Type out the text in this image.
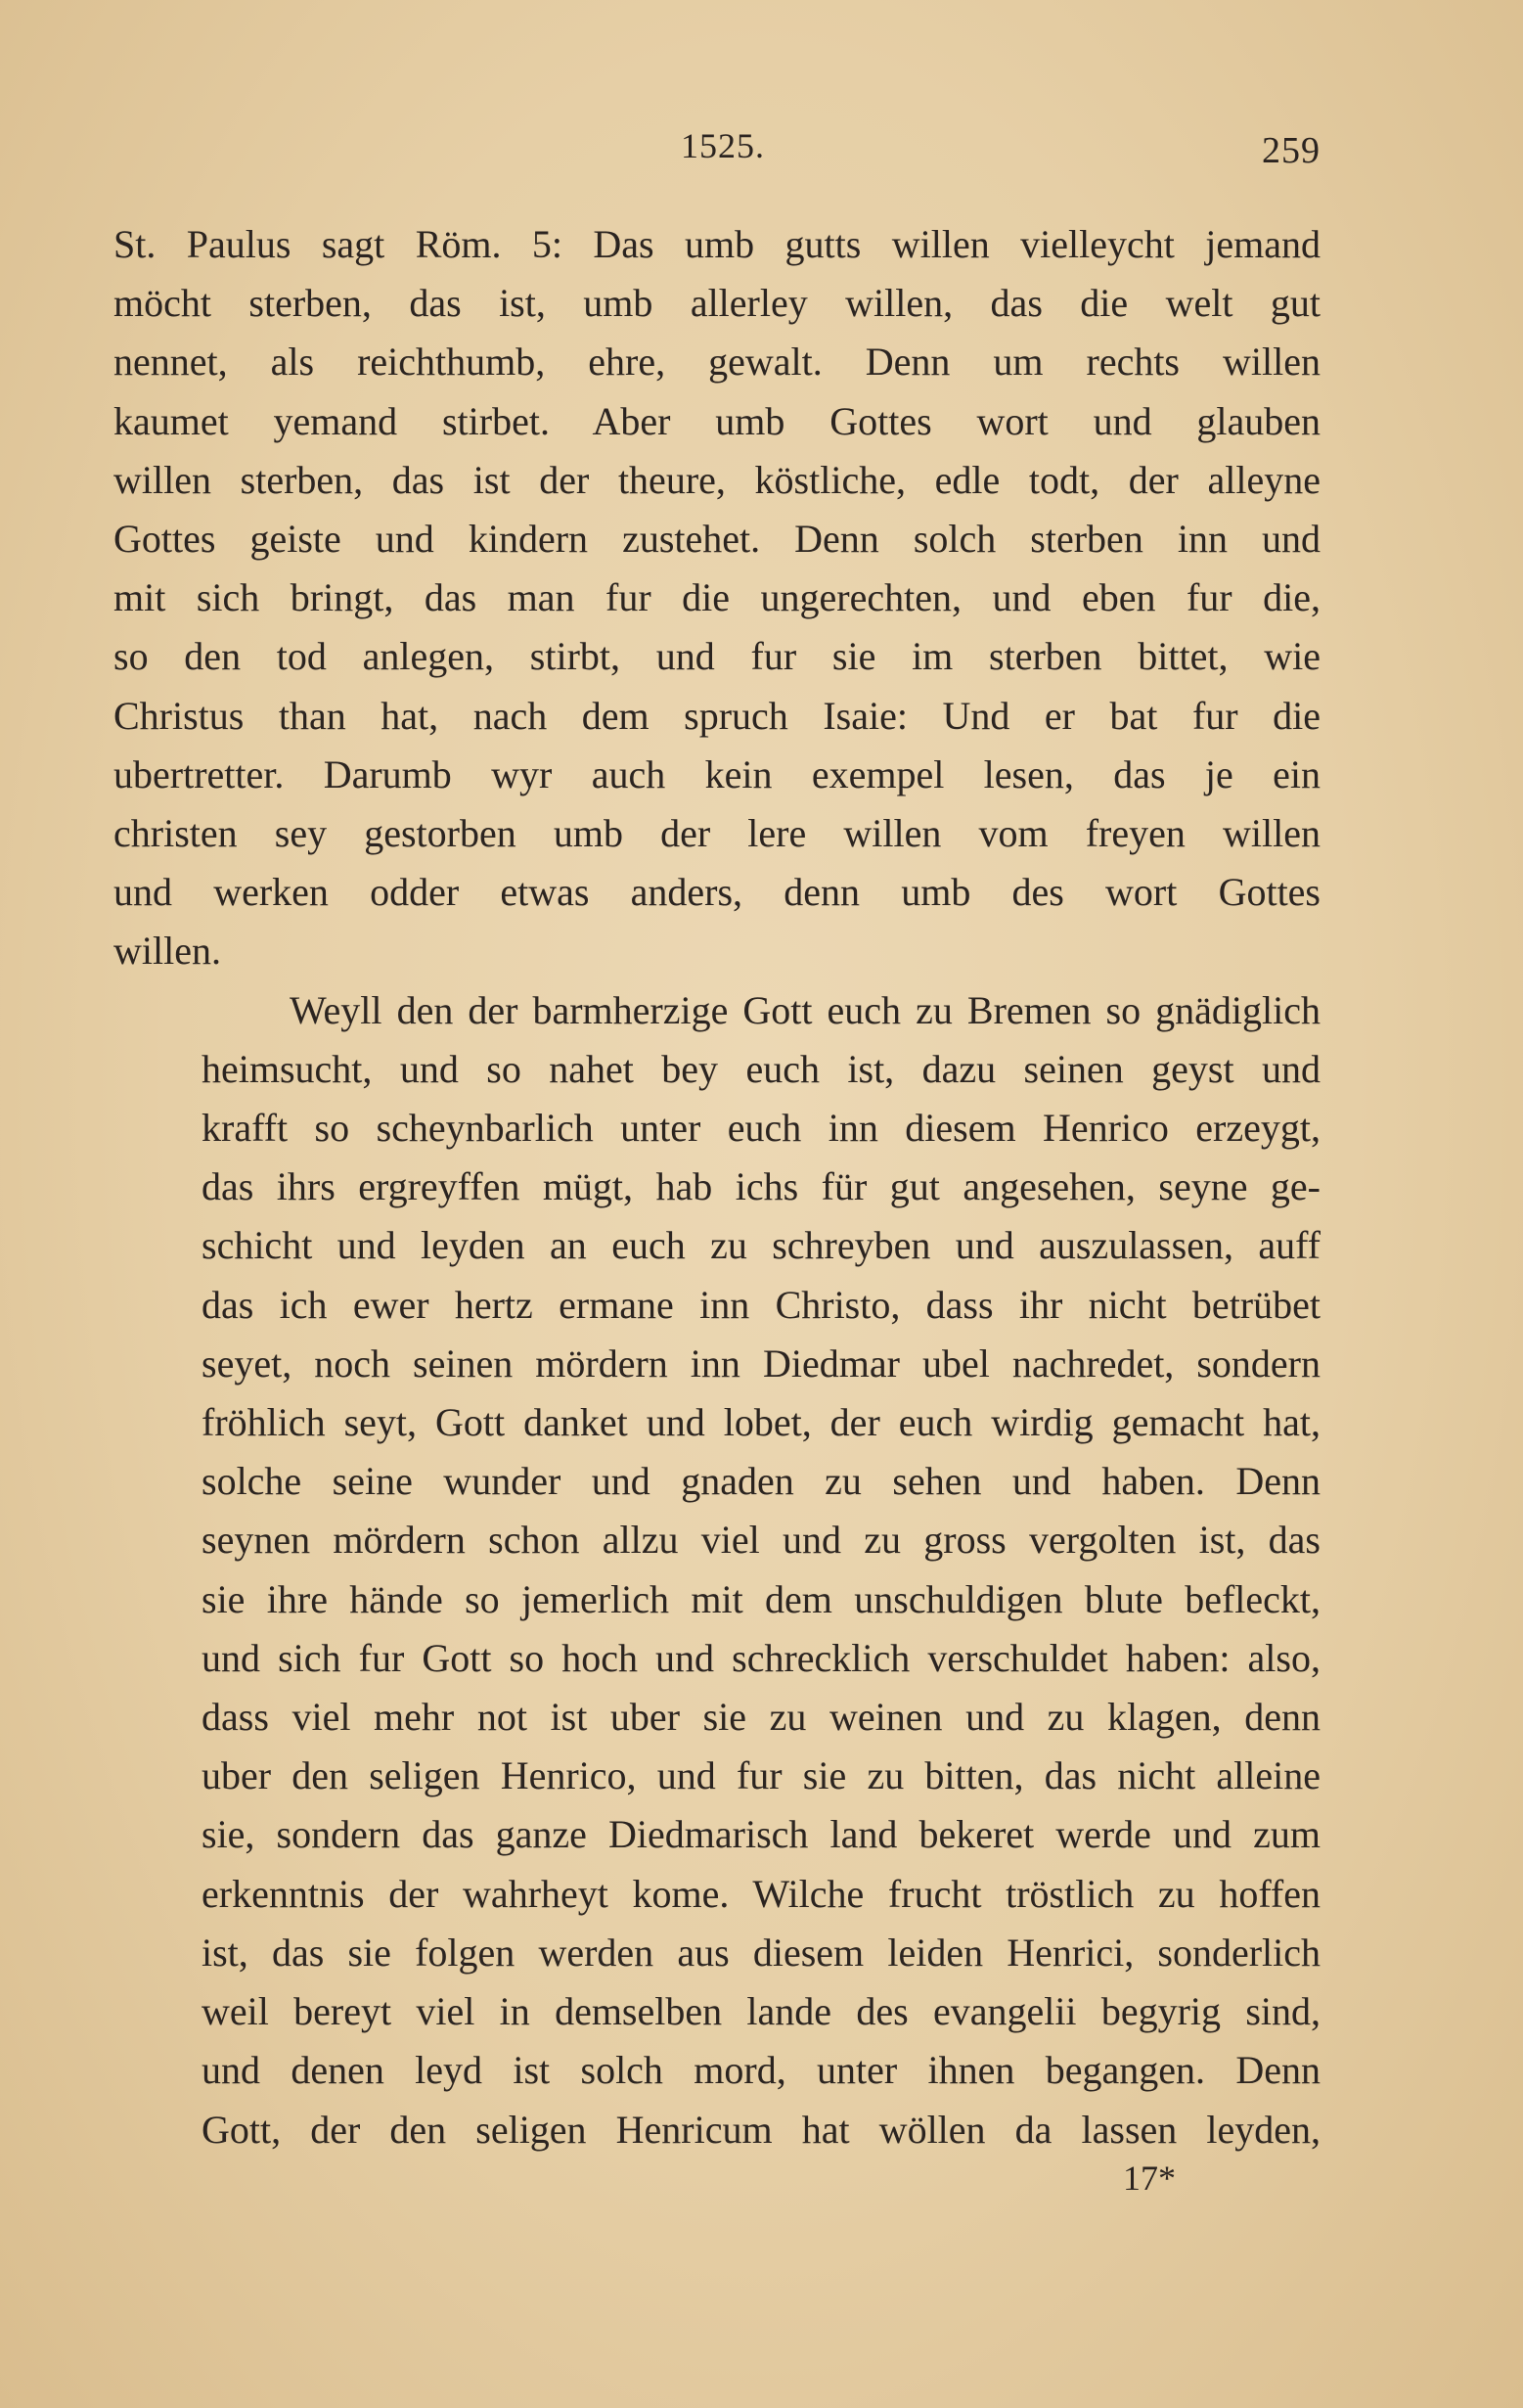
1525.	259
St. Paulus sagt Röm. 5: Das umb gutts willen vielleycht jemand
möcht sterben, das ist, umb allerley willen, das die welt gut
nennet, als reichthumb, ehre, gewalt. Denn um rechts willen
kaumet yemand stirbet. Aber umb Gottes wort und glauben
willen sterben, das ist der theure, köstliche, edle todt, der alleyne
Gottes geiste und kindern zustehet. Denn solch sterben inn und
mit sich bringt, das man fur die ungerechten, und eben fur die,
so den tod anlegen, stirbt, und fur sie im sterben bittet, wie
Christus than hat, nach dem spruch Isaie: Und er bat fur die
ubertretter. Darumb wyr auch kein exempel lesen, das je ein
christen sey gestorben umb der lere willen vom freyen willen
und werken odder etwas anders, denn umb des wort Gottes
willen.
Weyll den der barmherzige Gott euch zu Bremen so gnädiglich
heimsucht, und so nahet bey euch ist, dazu seinen geyst und
krafft so scheynbarlich unter euch inn diesem Henrico erzeygt,
das ihrs ergreyffen mügt, hab ichs für gut angesehen, seyne ge-
schicht und leyden an euch zu schreyben und auszulassen, auff
das ich ewer hertz ermane inn Christo, dass ihr nicht betrübet
seyet, noch seinen mördern inn Diedmar ubel nachredet, sondern
fröhlich seyt, Gott danket und lobet, der euch wirdig gemacht hat,
solche seine wunder und gnaden zu sehen und haben. Denn
seynen mördern schon allzu viel und zu gross vergolten ist, das
sie ihre hände so jemerlich mit dem unschuldigen blute befleckt,
und sich fur Gott so hoch und schrecklich verschuldet haben: also,
dass viel mehr not ist uber sie zu weinen und zu klagen, denn
uber den seligen Henrico, und fur sie zu bitten, das nicht alleine
sie, sondern das ganze Diedmarisch land bekeret werde und zum
erkenntnis der wahrheyt kome. Wilche frucht tröstlich zu hoffen
ist, das sie folgen werden aus diesem leiden Henrici, sonderlich
weil bereyt viel in demselben lande des evangelii begyrig sind,
und denen leyd ist solch mord, unter ihnen begangen. Denn
Gott, der den seligen Henricum hat wöllen da lassen leyden,
17*
